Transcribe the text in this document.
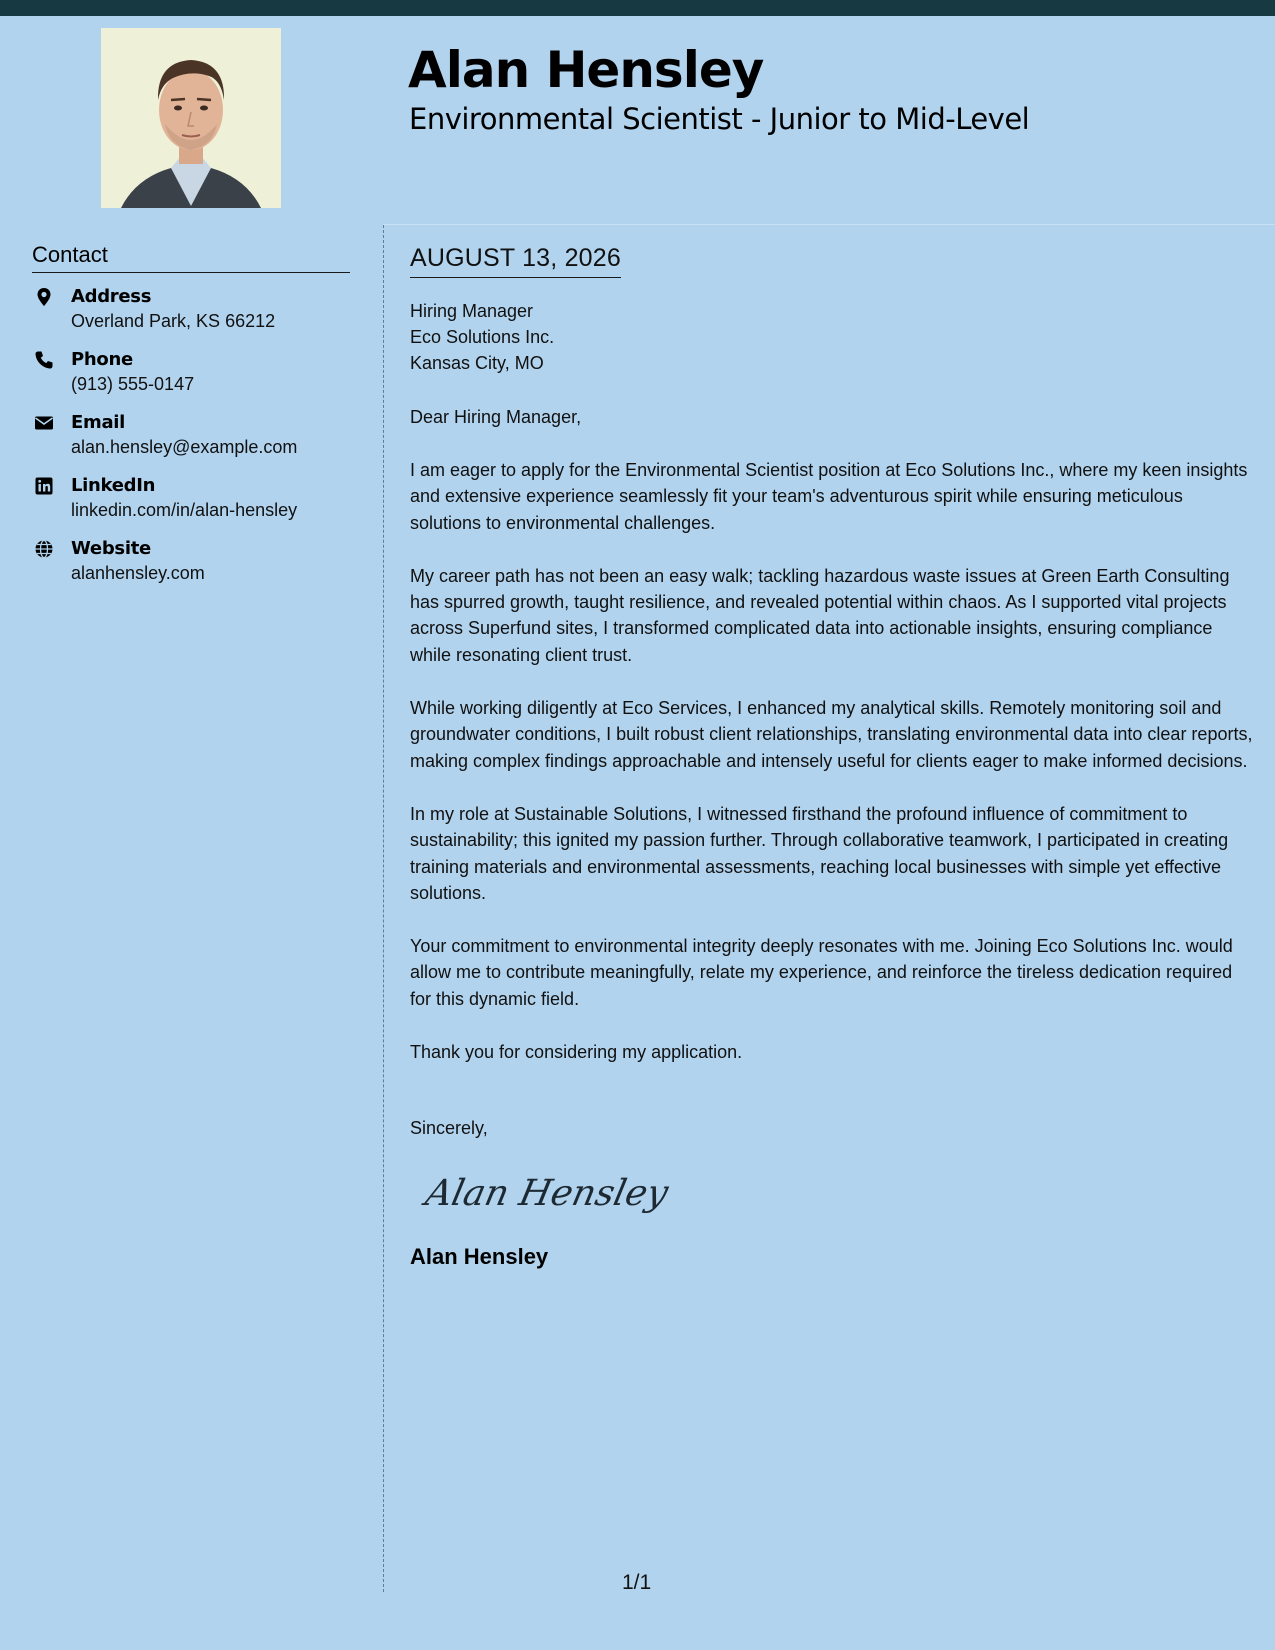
Alan Hensley
Environmental Scientist - Junior to Mid-Level
Contact
Address
Overland Park, KS 66212
Phone
(913) 555-0147
Email
alan.hensley@example.com
LinkedIn
linkedin.com/in/alan-hensley
Website
alanhensley.com
AUGUST 13, 2026
Hiring Manager
Eco Solutions Inc.
Kansas City, MO
Dear Hiring Manager,
I am eager to apply for the Environmental Scientist position at Eco Solutions Inc., where my keen insights and extensive experience seamlessly fit your team's adventurous spirit while ensuring meticulous solutions to environmental challenges.
My career path has not been an easy walk; tackling hazardous waste issues at Green Earth Consulting has spurred growth, taught resilience, and revealed potential within chaos. As I supported vital projects across Superfund sites, I transformed complicated data into actionable insights, ensuring compliance while resonating client trust.
While working diligently at Eco Services, I enhanced my analytical skills. Remotely monitoring soil and groundwater conditions, I built robust client relationships, translating environmental data into clear reports, making complex findings approachable and intensely useful for clients eager to make informed decisions.
In my role at Sustainable Solutions, I witnessed firsthand the profound influence of commitment to sustainability; this ignited my passion further. Through collaborative teamwork, I participated in creating training materials and environmental assessments, reaching local businesses with simple yet effective solutions.
Your commitment to environmental integrity deeply resonates with me. Joining Eco Solutions Inc. would allow me to contribute meaningfully, relate my experience, and reinforce the tireless dedication required for this dynamic field.
Thank you for considering my application.
Sincerely,
Alan Hensley
Alan Hensley
1/1
